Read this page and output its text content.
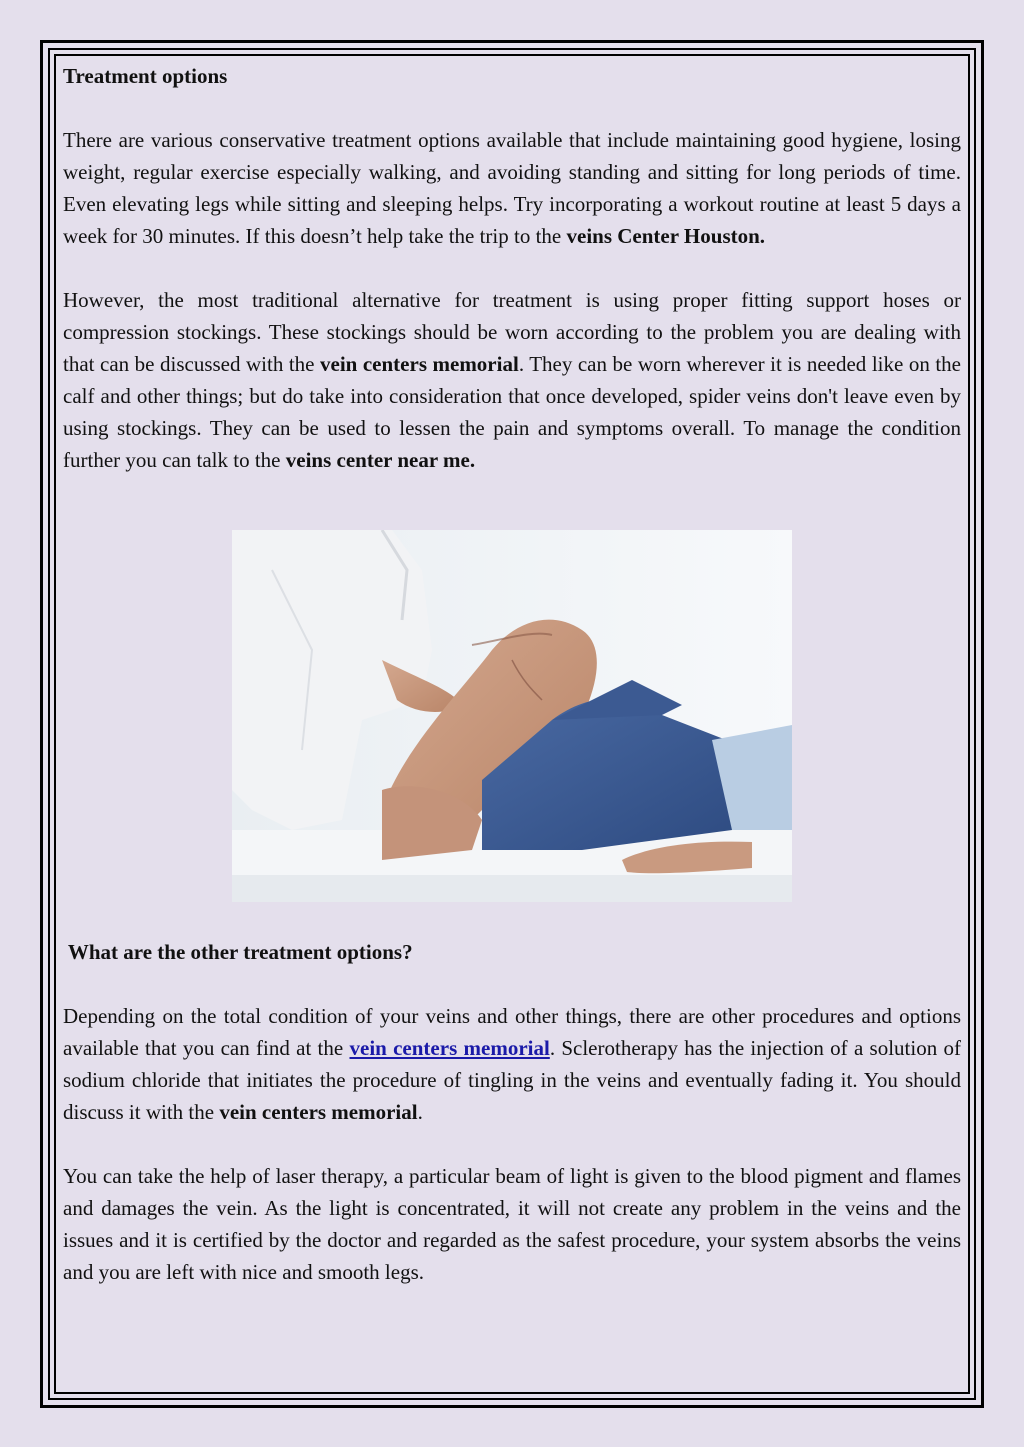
Treatment options

There are various conservative treatment options available that include maintaining good hygiene, losing weight, regular exercise especially walking, and avoiding standing and sitting for long periods of time. Even elevating legs while sitting and sleeping helps. Try incorporating a workout routine at least 5 days a week for 30 minutes. If this doesn’t help take the trip to the veins Center Houston.

However, the most traditional alternative for treatment is using proper fitting support hoses or compression stockings. These stockings should be worn according to the problem you are dealing with that can be discussed with the vein centers memorial. They can be worn wherever it is needed like on the calf and other things; but do take into consideration that once developed, spider veins don't leave even by using stockings. They can be used to lessen the pain and symptoms overall. To manage the condition further you can talk to the veins center near me.

What are the other treatment options?

Depending on the total condition of your veins and other things, there are other procedures and options available that you can find at the vein centers memorial. Sclerotherapy has the injection of a solution of sodium chloride that initiates the procedure of tingling in the veins and eventually fading it. You should discuss it with the vein centers memorial.

You can take the help of laser therapy, a particular beam of light is given to the blood pigment and flames and damages the vein. As the light is concentrated, it will not create any problem in the veins and the issues and it is certified by the doctor and regarded as the safest procedure, your system absorbs the veins and you are left with nice and smooth legs.
